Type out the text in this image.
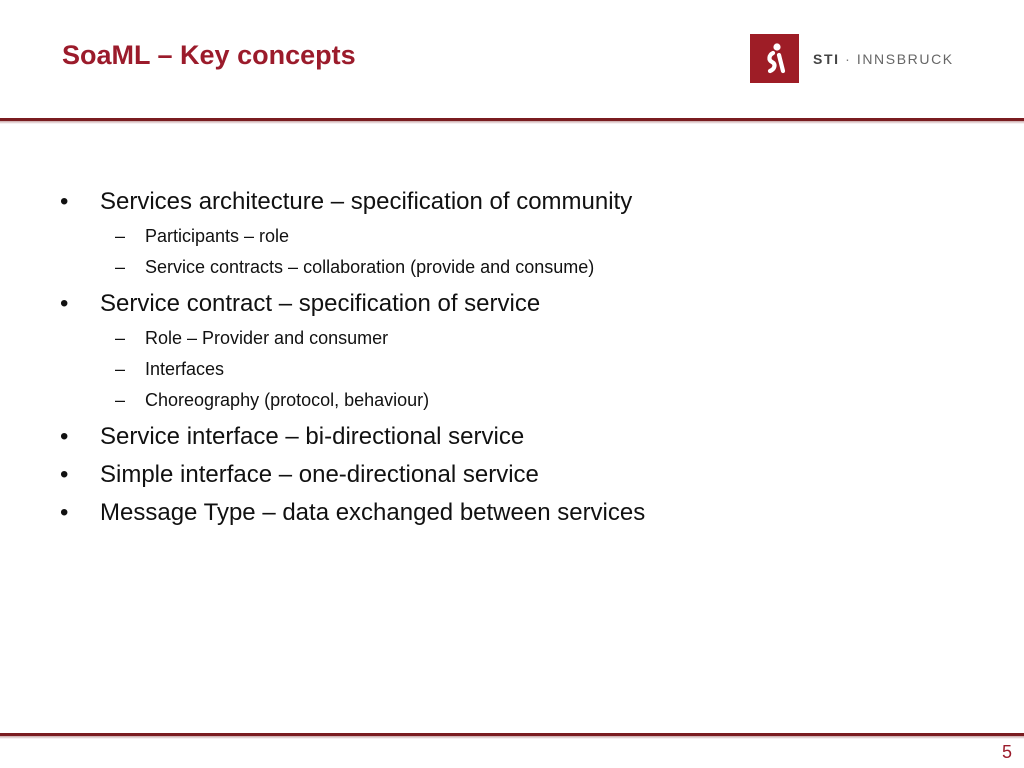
SoaML – Key concepts	STI · INNSBRUCK
•	Services architecture – specification of community
– Participants – role
– Service contracts – collaboration (provide and consume)
•	Service contract – specification of service
– Role – Provider and consumer
– Interfaces
– Choreography (protocol, behaviour)
•	Service interface – bi-directional service
•	Simple interface – one-directional service
•	Message Type – data exchanged between services
5
